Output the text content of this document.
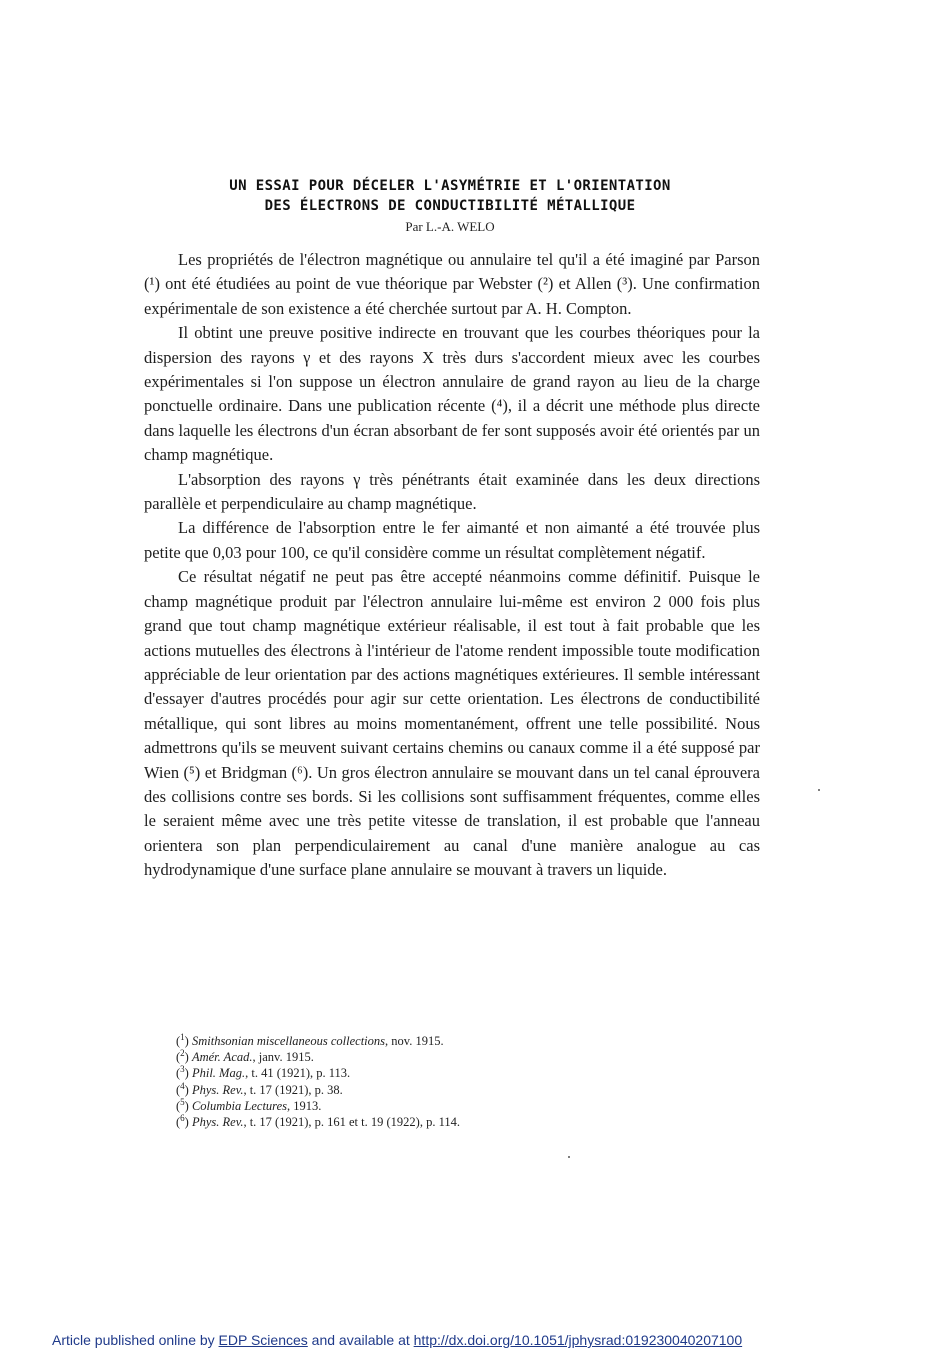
UN ESSAI POUR DÉCELER L'ASYMÉTRIE ET L'ORIENTATION
DES ÉLECTRONS DE CONDUCTIBILITÉ MÉTALLIQUE
Par L.-A. WELO

Les propriétés de l'électron magnétique ou annulaire tel qu'il a été imaginé par Parson (¹) ont été étudiées au point de vue théorique par Webster (²) et Allen (³). Une confirmation expérimentale de son existence a été cherchée surtout par A. H. Compton.

Il obtint une preuve positive indirecte en trouvant que les courbes théoriques pour la dispersion des rayons γ et des rayons X très durs s'accordent mieux avec les courbes expérimentales si l'on suppose un électron annulaire de grand rayon au lieu de la charge ponctuelle ordinaire. Dans une publication récente (⁴), il a décrit une méthode plus directe dans laquelle les électrons d'un écran absorbant de fer sont supposés avoir été orientés par un champ magnétique.

L'absorption des rayons γ très pénétrants était examinée dans les deux directions parallèle et perpendiculaire au champ magnétique.

La différence de l'absorption entre le fer aimanté et non aimanté a été trouvée plus petite que 0,03 pour 100, ce qu'il considère comme un résultat complètement négatif.

Ce résultat négatif ne peut pas être accepté néanmoins comme définitif. Puisque le champ magnétique produit par l'électron annulaire lui-même est environ 2 000 fois plus grand que tout champ magnétique extérieur réalisable, il est tout à fait probable que les actions mutuelles des électrons à l'intérieur de l'atome rendent impossible toute modification appréciable de leur orientation par des actions magnétiques extérieures. Il semble intéressant d'essayer d'autres procédés pour agir sur cette orientation. Les électrons de conductibilité métallique, qui sont libres au moins momentanément, offrent une telle possibilité. Nous admettrons qu'ils se meuvent suivant certains chemins ou canaux comme il a été supposé par Wien (⁵) et Bridgman (⁶). Un gros électron annulaire se mouvant dans un tel canal éprouvera des collisions contre ses bords. Si les collisions sont suffisamment fréquentes, comme elles le seraient même avec une très petite vitesse de translation, il est probable que l'anneau orientera son plan perpendiculairement au canal d'une manière analogue au cas hydrodynamique d'une surface plane annulaire se mouvant à travers un liquide.

($^1$) Smithsonian miscellaneous collections, nov. 1915.
($^2$) Amér. Acad., janv. 1915.
($^3$) Phil. Mag., t. 41 (1921), p. 113.
($^4$) Phys. Rev., t. 17 (1921), p. 38.
($^5$) Columbia Lectures, 1913.
($^6$) Phys. Rev., t. 17 (1921), p. 161 et t. 19 (1922), p. 114.
Article published online by EDP Sciences and available at http://dx.doi.org/10.1051/jphysrad:019230040207100
